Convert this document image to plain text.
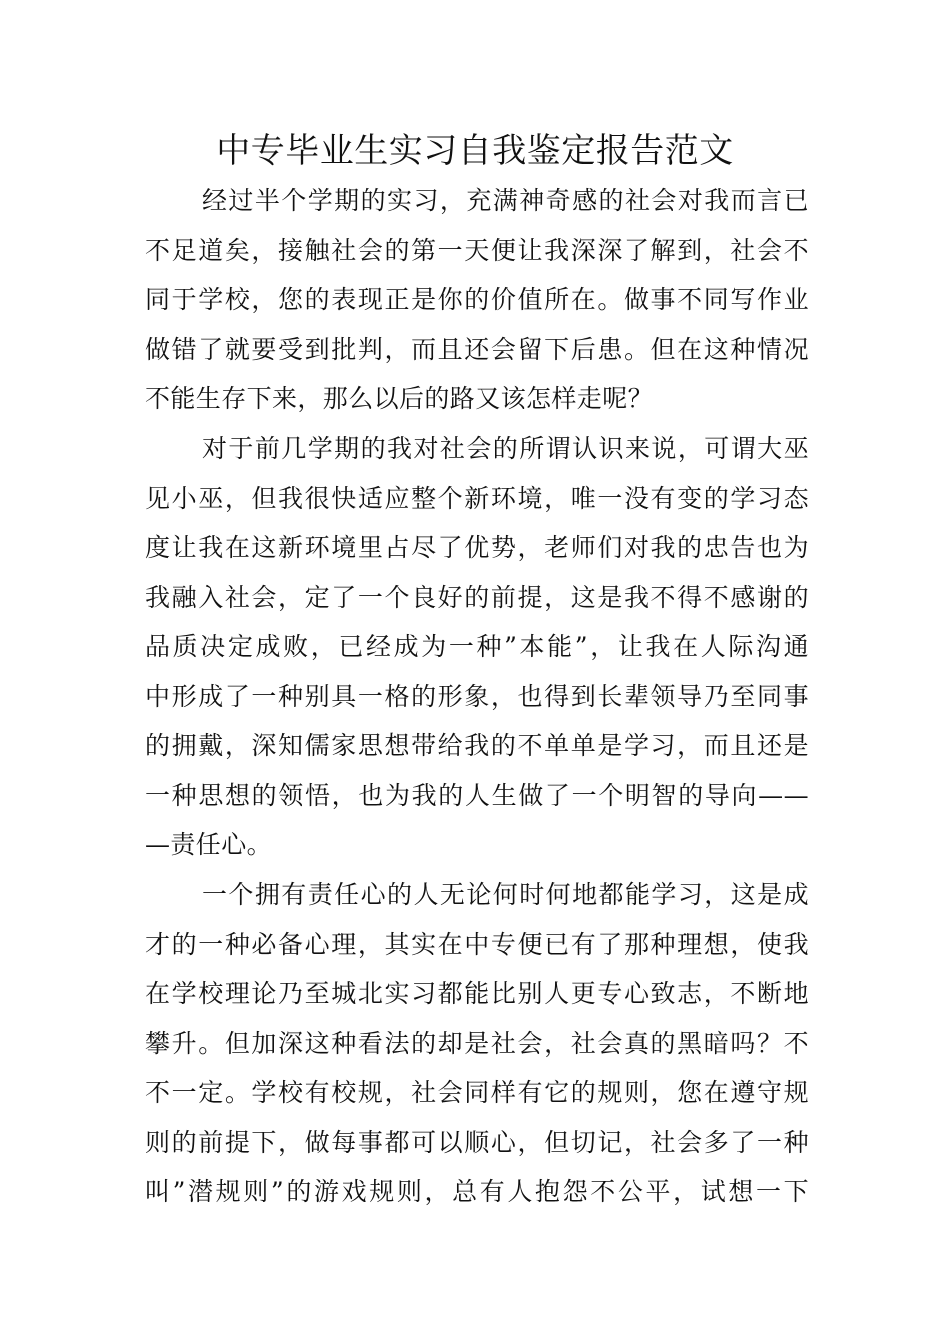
中专毕业生实习自我鉴定报告范文

经过半个学期的实习，充满神奇感的社会对我而言已
不足道矣，接触社会的第一天便让我深深了解到，社会不
同于学校，您的表现正是你的价值所在。做事不同写作业
做错了就要受到批判，而且还会留下后患。但在这种情况
不能生存下来，那么以后的路又该怎样走呢？

对于前几学期的我对社会的所谓认识来说，可谓大巫
见小巫，但我很快适应整个新环境，唯一没有变的学习态
度让我在这新环境里占尽了优势，老师们对我的忠告也为
我融入社会，定了一个良好的前提，这是我不得不感谢的
品质决定成败，已经成为一种”本能”，让我在人际沟通
中形成了一种别具一格的形象，也得到长辈领导乃至同事
的拥戴，深知儒家思想带给我的不单单是学习，而且还是
一种思想的领悟，也为我的人生做了一个明智的导向——
—责任心。

一个拥有责任心的人无论何时何地都能学习，这是成
才的一种必备心理，其实在中专便已有了那种理想，使我
在学校理论乃至城北实习都能比别人更专心致志，不断地
攀升。但加深这种看法的却是社会，社会真的黑暗吗？不
不一定。学校有校规，社会同样有它的规则，您在遵守规
则的前提下，做每事都可以顺心，但切记，社会多了一种
叫”潜规则”的游戏规则，总有人抱怨不公平，试想一下
